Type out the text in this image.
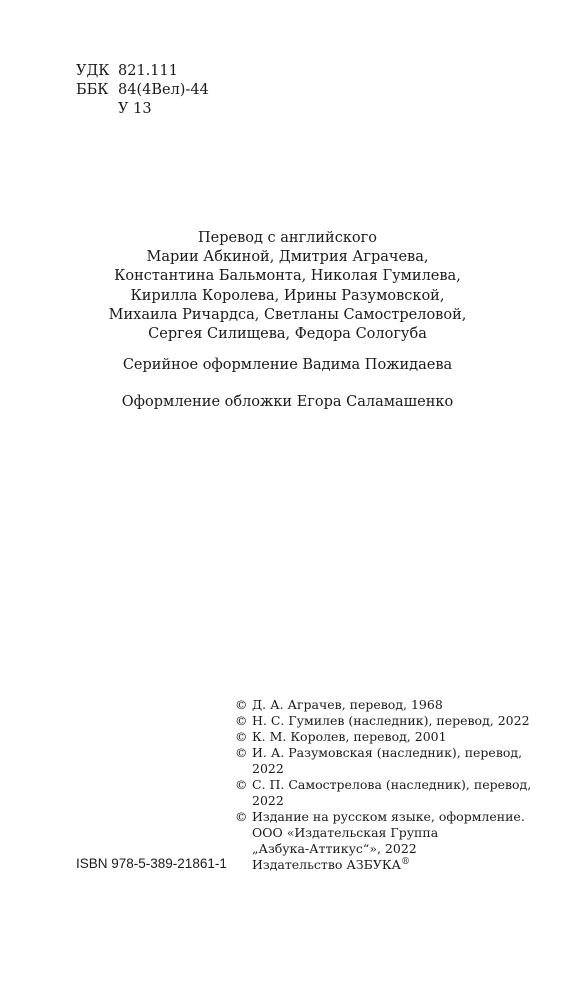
УДК 821.111
ББК 84(4Вел)-44
У 13
Перевод с английского
Марии Абкиной, Дмитрия Аграчева,
Константина Бальмонта, Николая Гумилева,
Кирилла Королева, Ирины Разумовской,
Михаила Ричардса, Светланы Самостреловой,
Сергея Силищева, Федора Сологуба
Серийное оформление Вадима Пожидаева
Оформление обложки Егора Саламашенко
© Д. А. Аграчев, перевод, 1968
© Н. С. Гумилев (наследник), перевод, 2022
© К. М. Королев, перевод, 2001
© И. А. Разумовская (наследник), перевод,
2022
© С. П. Самострелова (наследник), перевод,
2022
© Издание на русском языке, оформление.
ООО «Издательская Группа
„Азбука-Аттикус“», 2022
Издательство АЗБУКА®
ISBN 978-5-389-21861-1
